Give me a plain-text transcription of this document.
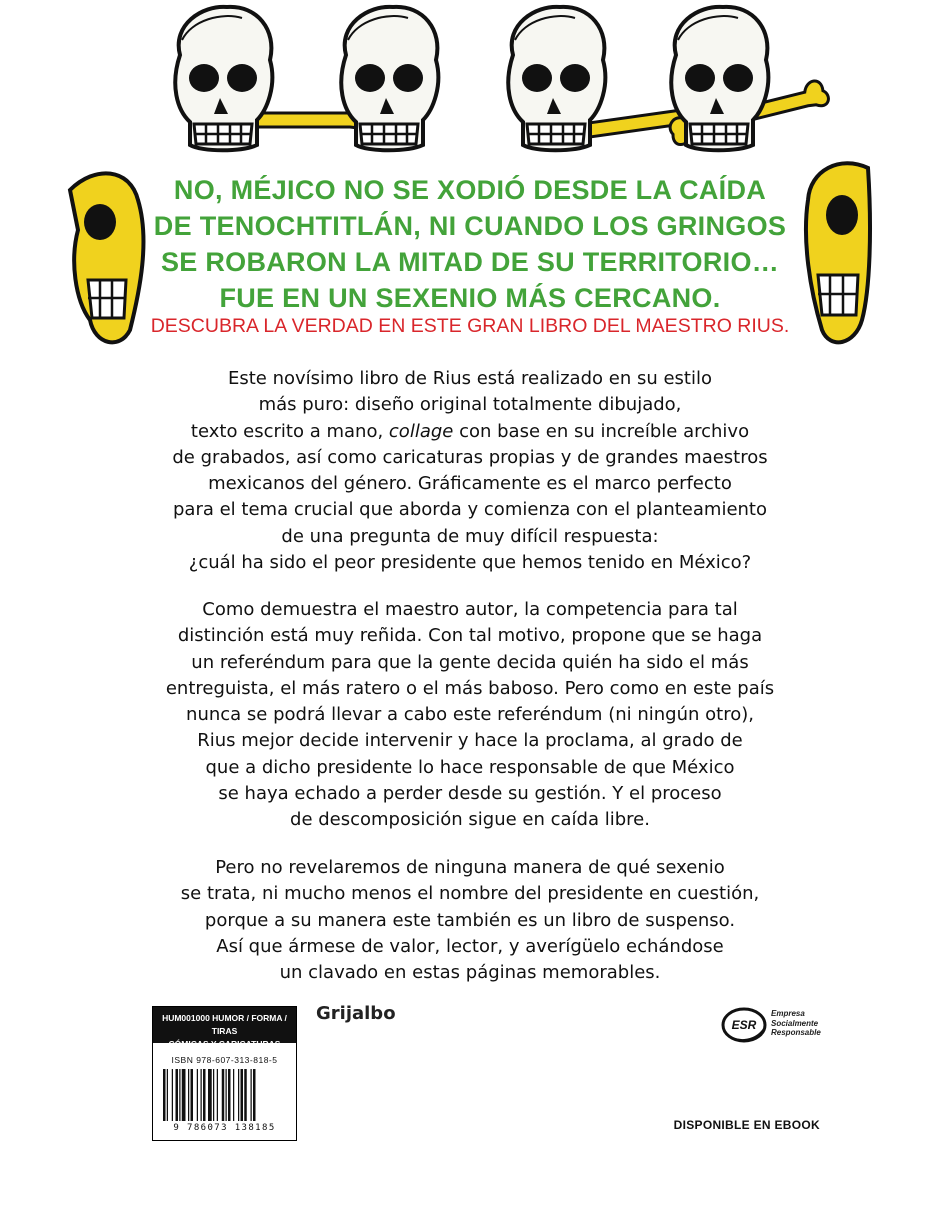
NO, MÉJICO NO SE XODIÓ DESDE LA CAÍDA
DE TENOCHTITLÁN, NI CUANDO LOS GRINGOS
SE ROBARON LA MITAD DE SU TERRITORIO…
FUE EN UN SEXENIO MÁS CERCANO.
DESCUBRA LA VERDAD EN ESTE GRAN LIBRO DEL MAESTRO RIUS.
Este novísimo libro de Rius está realizado en su estilo
más puro: diseño original totalmente dibujado,
texto escrito a mano, collage con base en su increíble archivo
de grabados, así como caricaturas propias y de grandes maestros
mexicanos del género. Gráficamente es el marco perfecto
para el tema crucial que aborda y comienza con el planteamiento
de una pregunta de muy difícil respuesta:
¿cuál ha sido el peor presidente que hemos tenido en México?
Como demuestra el maestro autor, la competencia para tal
distinción está muy reñida. Con tal motivo, propone que se haga
un referéndum para que la gente decida quién ha sido el más
entreguista, el más ratero o el más baboso. Pero como en este país
nunca se podrá llevar a cabo este referéndum (ni ningún otro),
Rius mejor decide intervenir y hace la proclama, al grado de
que a dicho presidente lo hace responsable de que México
se haya echado a perder desde su gestión. Y el proceso
de descomposición sigue en caída libre.
Pero no revelaremos de ninguna manera de qué sexenio
se trata, ni mucho menos el nombre del presidente en cuestión,
porque a su manera este también es un libro de suspenso.
Así que ármese de valor, lector, y averígüelo echándose
un clavado en estas páginas memorables.
HUM001000 HUMOR / FORMA / TIRAS
CÓMICAS Y CARICATURAS
ISBN 978-607-313-818-5
9 786073 138185
Grijalbo
ESR
Empresa
Socialmente
Responsable
DISPONIBLE EN EBOOK
